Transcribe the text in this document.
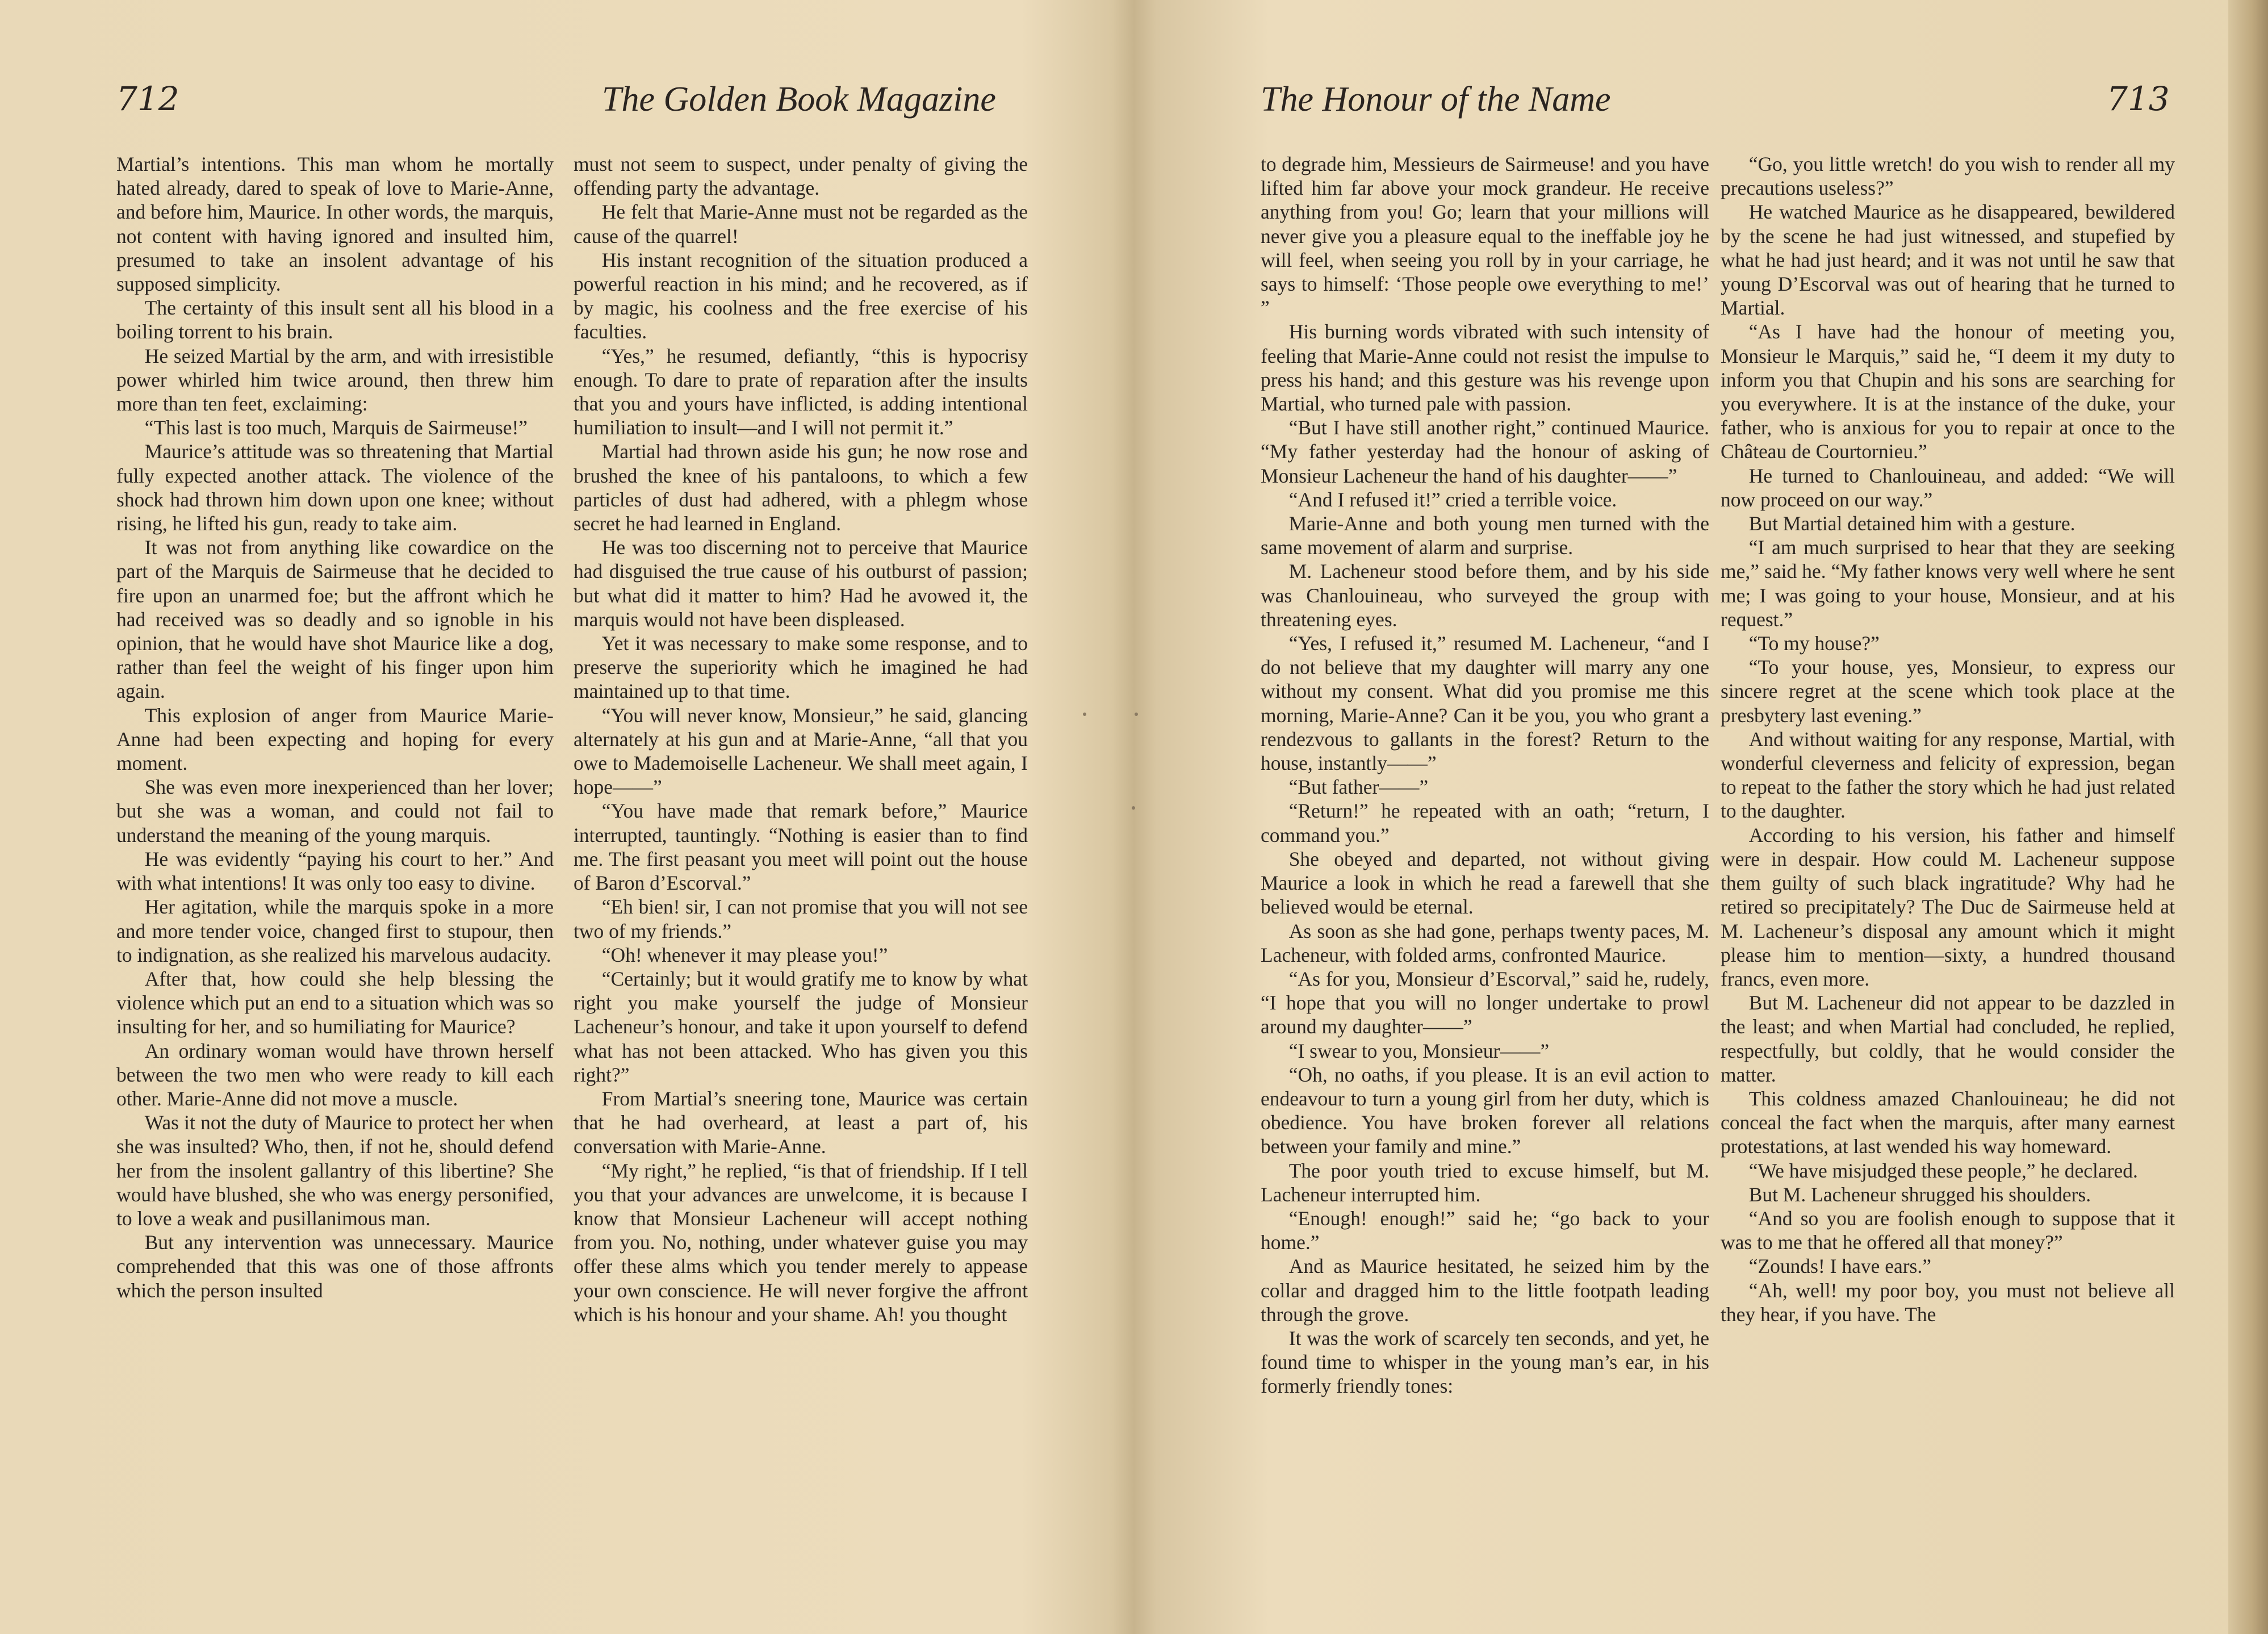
712	The Golden Book Magazine

Martial’s intentions. This man whom he mortally hated already, dared to speak of love to Marie-Anne, and before him, Maurice. In other words, the marquis, not content with having ignored and insulted him, presumed to take an insolent advantage of his supposed simplicity.

The certainty of this insult sent all his blood in a boiling torrent to his brain.

He seized Martial by the arm, and with irresistible power whirled him twice around, then threw him more than ten feet, exclaiming:

“This last is too much, Marquis de Sairmeuse!”

Maurice’s attitude was so threatening that Martial fully expected another attack. The violence of the shock had thrown him down upon one knee; without rising, he lifted his gun, ready to take aim.

It was not from anything like cowardice on the part of the Marquis de Sairmeuse that he decided to fire upon an unarmed foe; but the affront which he had received was so deadly and so ignoble in his opinion, that he would have shot Maurice like a dog, rather than feel the weight of his finger upon him again.

This explosion of anger from Maurice Marie-Anne had been expecting and hoping for every moment.

She was even more inexperienced than her lover; but she was a woman, and could not fail to understand the meaning of the young marquis.

He was evidently “paying his court to her.” And with what intentions! It was only too easy to divine.

Her agitation, while the marquis spoke in a more and more tender voice, changed first to stupour, then to indignation, as she realized his marvelous audacity.

After that, how could she help blessing the violence which put an end to a situation which was so insulting for her, and so humiliating for Maurice?

An ordinary woman would have thrown herself between the two men who were ready to kill each other. Marie-Anne did not move a muscle.

Was it not the duty of Maurice to protect her when she was insulted? Who, then, if not he, should defend her from the insolent gallantry of this libertine? She would have blushed, she who was energy personified, to love a weak and pusillanimous man.

But any intervention was unnecessary. Maurice comprehended that this was one of those affronts which the person insulted

must not seem to suspect, under penalty of giving the offending party the advantage.

He felt that Marie-Anne must not be regarded as the cause of the quarrel!

His instant recognition of the situation produced a powerful reaction in his mind; and he recovered, as if by magic, his coolness and the free exercise of his faculties.

“Yes,” he resumed, defiantly, “this is hypocrisy enough. To dare to prate of reparation after the insults that you and yours have inflicted, is adding intentional humiliation to insult—and I will not permit it.”

Martial had thrown aside his gun; he now rose and brushed the knee of his pantaloons, to which a few particles of dust had adhered, with a phlegm whose secret he had learned in England.

He was too discerning not to perceive that Maurice had disguised the true cause of his outburst of passion; but what did it matter to him? Had he avowed it, the marquis would not have been displeased.

Yet it was necessary to make some response, and to preserve the superiority which he imagined he had maintained up to that time.

“You will never know, Monsieur,” he said, glancing alternately at his gun and at Marie-Anne, “all that you owe to Mademoiselle Lacheneur. We shall meet again, I hope——”

“You have made that remark before,” Maurice interrupted, tauntingly. “Nothing is easier than to find me. The first peasant you meet will point out the house of Baron d’Escorval.”

“Eh bien! sir, I can not promise that you will not see two of my friends.”

“Oh! whenever it may please you!”

“Certainly; but it would gratify me to know by what right you make yourself the judge of Monsieur Lacheneur’s honour, and take it upon yourself to defend what has not been attacked. Who has given you this right?”

From Martial’s sneering tone, Maurice was certain that he had overheard, at least a part of, his conversation with Marie-Anne.

“My right,” he replied, “is that of friendship. If I tell you that your advances are unwelcome, it is because I know that Monsieur Lacheneur will accept nothing from you. No, nothing, under whatever guise you may offer these alms which you tender merely to appease your own conscience. He will never forgive the affront which is his honour and your shame. Ah! you thought

The Honour of the Name	713

to degrade him, Messieurs de Sairmeuse! and you have lifted him far above your mock grandeur. He receive anything from you! Go; learn that your millions will never give you a pleasure equal to the ineffable joy he will feel, when seeing you roll by in your carriage, he says to himself: ‘Those people owe everything to me!’ ”

His burning words vibrated with such intensity of feeling that Marie-Anne could not resist the impulse to press his hand; and this gesture was his revenge upon Martial, who turned pale with passion.

“But I have still another right,” continued Maurice. “My father yesterday had the honour of asking of Monsieur Lacheneur the hand of his daughter——”

“And I refused it!” cried a terrible voice.

Marie-Anne and both young men turned with the same movement of alarm and surprise.

M. Lacheneur stood before them, and by his side was Chanlouineau, who surveyed the group with threatening eyes.

“Yes, I refused it,” resumed M. Lacheneur, “and I do not believe that my daughter will marry any one without my consent. What did you promise me this morning, Marie-Anne? Can it be you, you who grant a rendezvous to gallants in the forest? Return to the house, instantly——”

“But father——”

“Return!” he repeated with an oath; “return, I command you.”

She obeyed and departed, not without giving Maurice a look in which he read a farewell that she believed would be eternal.

As soon as she had gone, perhaps twenty paces, M. Lacheneur, with folded arms, confronted Maurice.

“As for you, Monsieur d’Escorval,” said he, rudely, “I hope that you will no longer undertake to prowl around my daughter——”

“I swear to you, Monsieur——”

“Oh, no oaths, if you please. It is an evil action to endeavour to turn a young girl from her duty, which is obedience. You have broken forever all relations between your family and mine.”

The poor youth tried to excuse himself, but M. Lacheneur interrupted him.

“Enough! enough!” said he; “go back to your home.”

And as Maurice hesitated, he seized him by the collar and dragged him to the little footpath leading through the grove.

It was the work of scarcely ten seconds, and yet, he found time to whisper in the young man’s ear, in his formerly friendly tones:

“Go, you little wretch! do you wish to render all my precautions useless?”

He watched Maurice as he disappeared, bewildered by the scene he had just witnessed, and stupefied by what he had just heard; and it was not until he saw that young D’Escorval was out of hearing that he turned to Martial.

“As I have had the honour of meeting you, Monsieur le Marquis,” said he, “I deem it my duty to inform you that Chupin and his sons are searching for you everywhere. It is at the instance of the duke, your father, who is anxious for you to repair at once to the Château de Courtornieu.”

He turned to Chanlouineau, and added: “We will now proceed on our way.”

But Martial detained him with a gesture.

“I am much surprised to hear that they are seeking me,” said he. “My father knows very well where he sent me; I was going to your house, Monsieur, and at his request.”

“To my house?”

“To your house, yes, Monsieur, to express our sincere regret at the scene which took place at the presbytery last evening.”

And without waiting for any response, Martial, with wonderful cleverness and felicity of expression, began to repeat to the father the story which he had just related to the daughter.

According to his version, his father and himself were in despair. How could M. Lacheneur suppose them guilty of such black ingratitude? Why had he retired so precipitately? The Duc de Sairmeuse held at M. Lacheneur’s disposal any amount which it might please him to mention—sixty, a hundred thousand francs, even more.

But M. Lacheneur did not appear to be dazzled in the least; and when Martial had concluded, he replied, respectfully, but coldly, that he would consider the matter.

This coldness amazed Chanlouineau; he did not conceal the fact when the marquis, after many earnest protestations, at last wended his way homeward.

“We have misjudged these people,” he declared.

But M. Lacheneur shrugged his shoulders.

“And so you are foolish enough to suppose that it was to me that he offered all that money?”

“Zounds! I have ears.”

“Ah, well! my poor boy, you must not believe all they hear, if you have. The
